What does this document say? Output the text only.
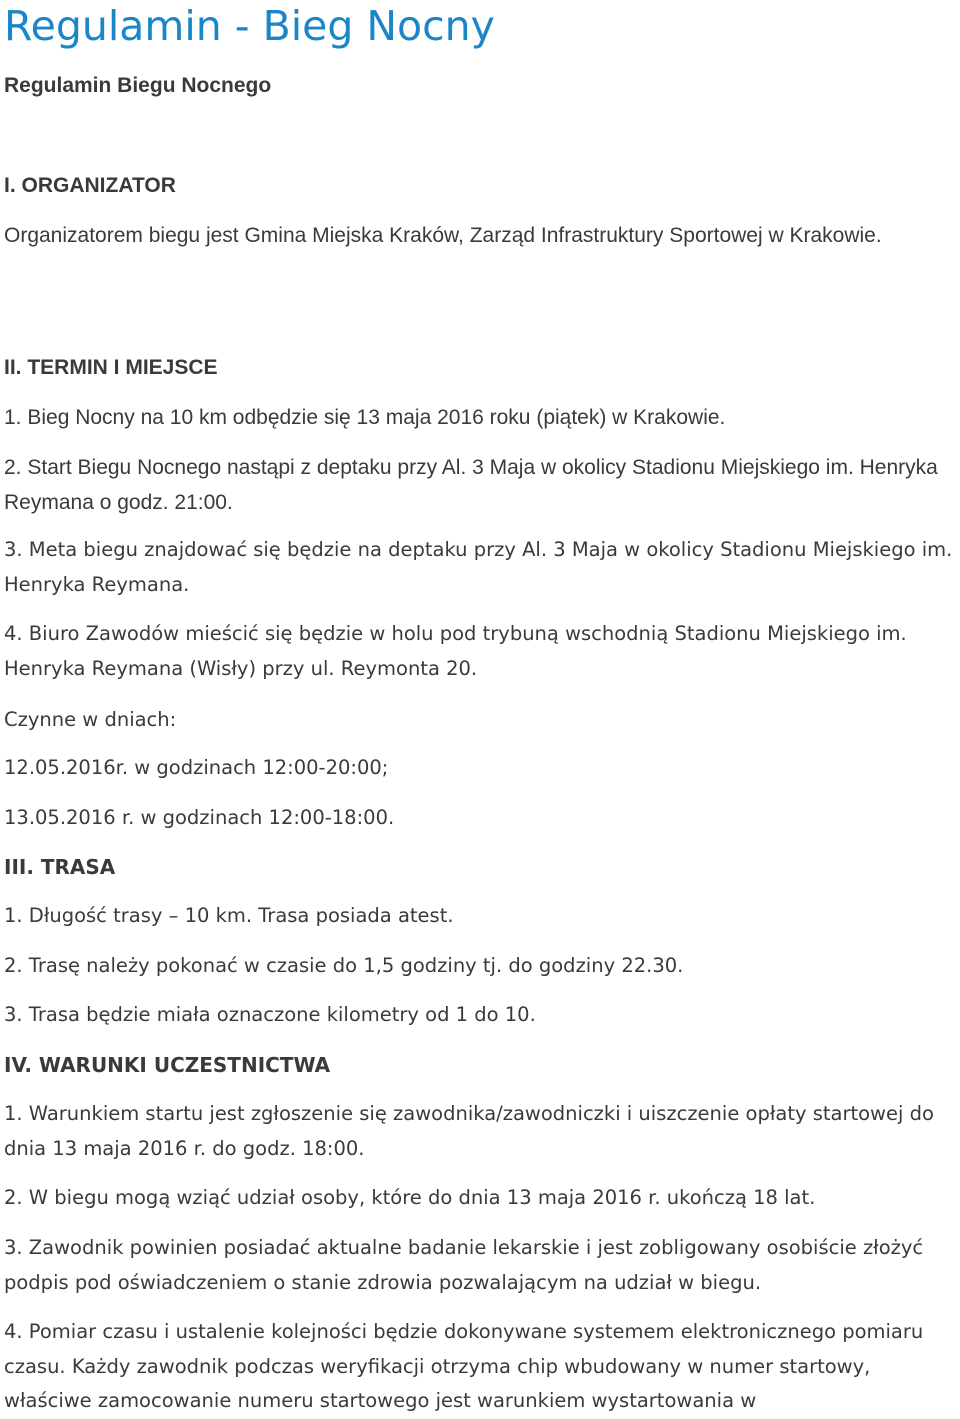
Regulamin - Bieg Nocny
Regulamin Biegu Nocnego
I. ORGANIZATOR

Organizatorem biegu jest Gmina Miejska Kraków, Zarząd Infrastruktury Sportowej w Krakowie.

II. TERMIN I MIEJSCE

1. Bieg Nocny na 10 km odbędzie się 13 maja 2016 roku (piątek) w Krakowie.

2. Start Biegu Nocnego nastąpi z deptaku przy Al. 3 Maja w okolicy Stadionu Miejskiego im. Henryka Reymana o godz. 21:00.

3. Meta biegu znajdować się będzie na deptaku przy Al. 3 Maja w okolicy Stadionu Miejskiego im. Henryka Reymana.

4. Biuro Zawodów mieścić się będzie w holu pod trybuną wschodnią Stadionu Miejskiego im. Henryka Reymana (Wisły) przy ul. Reymonta 20.

Czynne w dniach:

12.05.2016r. w godzinach 12:00-20:00;

13.05.2016 r. w godzinach 12:00-18:00.

III. TRASA

1. Długość trasy – 10 km. Trasa posiada atest.

2. Trasę należy pokonać w czasie do 1,5 godziny tj. do godziny 22.30.

3. Trasa będzie miała oznaczone kilometry od 1 do 10.

IV. WARUNKI UCZESTNICTWA

1. Warunkiem startu jest zgłoszenie się zawodnika/zawodniczki i uiszczenie opłaty startowej do dnia 13 maja 2016 r. do godz. 18:00.

2. W biegu mogą wziąć udział osoby, które do dnia 13 maja 2016 r. ukończą 18 lat.

3. Zawodnik powinien posiadać aktualne badanie lekarskie i jest zobligowany osobiście złożyć podpis pod oświadczeniem o stanie zdrowia pozwalającym na udział w biegu.

4. Pomiar czasu i ustalenie kolejności będzie dokonywane systemem elektronicznego pomiaru czasu. Każdy zawodnik podczas weryfikacji otrzyma chip wbudowany w numer startowy, właściwe zamocowanie numeru startowego jest warunkiem wystartowania w
